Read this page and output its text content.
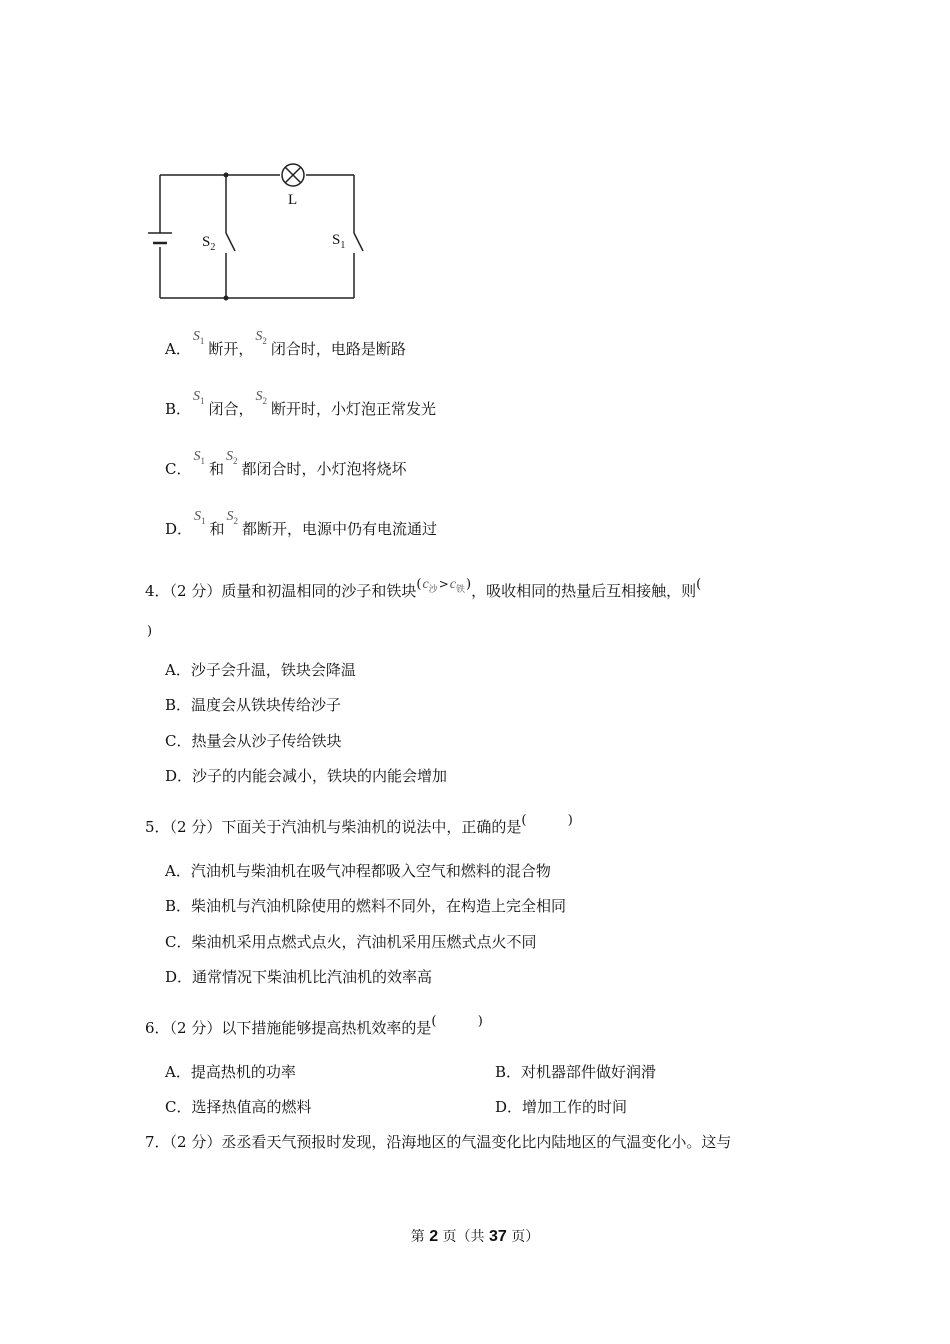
L
$S_2$	$S_1$
A．$S_1$ 断开，$S_2$ 闭合时，电路是断路
B．$S_1$ 闭合，$S_2$ 断开时，小灯泡正常发光
C．$S_1$ 和$S_2$ 都闭合时，小灯泡将烧坏
D．$S_1$ 和$S_2$ 都断开，电源中仍有电流通过
4．（2 分）质量和初温相同的沙子和铁块$(c_沙^>c_铁)$，吸收相同的热量后互相接触，则(
)
A．沙子会升温，铁块会降温
B．温度会从铁块传给沙子
C．热量会从沙子传给铁块
D．沙子的内能会减小，铁块的内能会增加
5．（2 分）下面关于汽油机与柴油机的说法中，正确的是(          )
A．汽油机与柴油机在吸气冲程都吸入空气和燃料的混合物
B．柴油机与汽油机除使用的燃料不同外，在构造上完全相同
C．柴油机采用点燃式点火，汽油机采用压燃式点火不同
D．通常情况下柴油机比汽油机的效率高
6．（2 分）以下措施能够提高热机效率的是(          )
A．提高热机的功率	B．对机器部件做好润滑
C．选择热值高的燃料	D．增加工作的时间
7．（2 分）丞丞看天气预报时发现，沿海地区的气温变化比内陆地区的气温变化小。这与
第 2 页（共 37 页）
